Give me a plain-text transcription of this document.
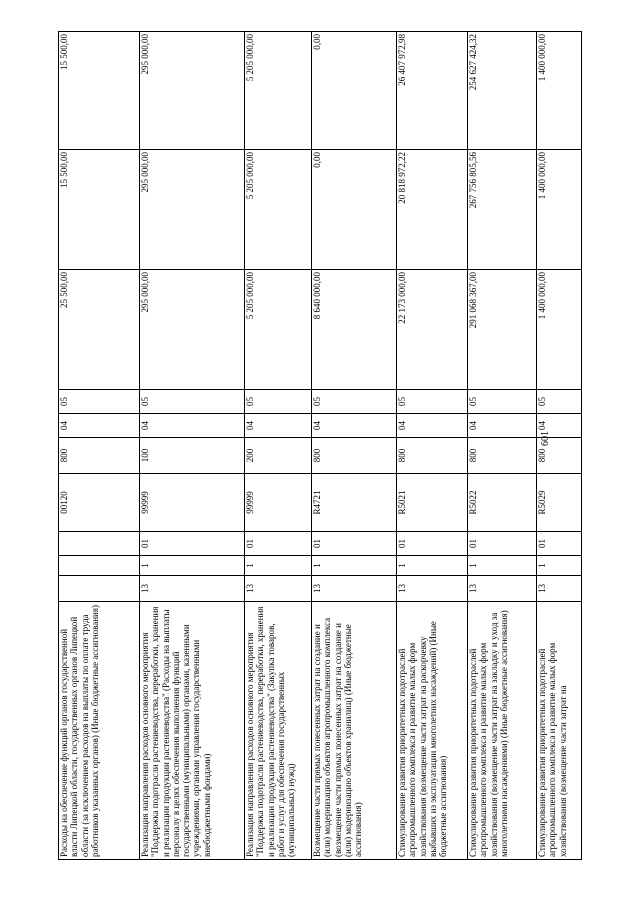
601
Расходы на обеспечение функций органов государственной власти Липецкой области, государственных органов Липецкой области (за исключением расходов на выплаты по оплате труда работников указанных органов) (Иные бюджетные ассигнования)				00120	800	04	05	25 500,00	15 500,00	15 500,00
Реализация направления расходов основного мероприятия "Поддержка подотрасли растениеводства, переработки, хранения и реализации продукции растениеводства" (Расходы на выплаты персоналу в целях обеспечения выполнения функций государственными (муниципальными) органами, казенными учреждениями, органами управления государственными внебюджетными фондами)	13	1	01	99999	100	04	05	295 000,00	295 000,00	295 000,00
Реализация направления расходов основного мероприятия "Поддержка подотрасли растениеводства, переработки, хранения и реализации продукции растениеводства" (Закупка товаров, работ и услуг для обеспечения государственных (муниципальных) нужд)	13	1	01	99999	200	04	05	5 205 000,00	5 205 000,00	5 205 000,00
Возмещение части прямых понесенных затрат на создание и (или) модернизацию объектов агропромышленного комплекса (возмещение части прямых понесенных затрат на создание и (или) модернизацию объектов хранилищ) (Иные бюджетные ассигнования)	13	1	01	R4721	800	04	05	8 640 000,00	0,00	0,00
Стимулирование развития приоритетных подотраслей агропромышленного комплекса и развитие малых форм хозяйствования (возмещение части затрат на раскорчевку выбывших из эксплуатации многолетних насаждений) (Иные бюджетные ассигнования)	13	1	01	R5021	800	04	05	22 173 000,00	20 818 972,22	26 407 972,98
Стимулирование развития приоритетных подотраслей агропромышленного комплекса и развитие малых форм хозяйствования (возмещение части затрат на закладку и уход за многолетними насаждениями) (Иные бюджетные ассигнования)	13	1	01	R5022	800	04	05	291 068 367,00	267 756 805,56	254 627 424,32
Стимулирование развития приоритетных подотраслей агропромышленного комплекса и развитие малых форм хозяйствования (возмещение части затрат на	13	1	01	R5029	800	04	05	1 400 000,00	1 400 000,00	1 400 000,00
